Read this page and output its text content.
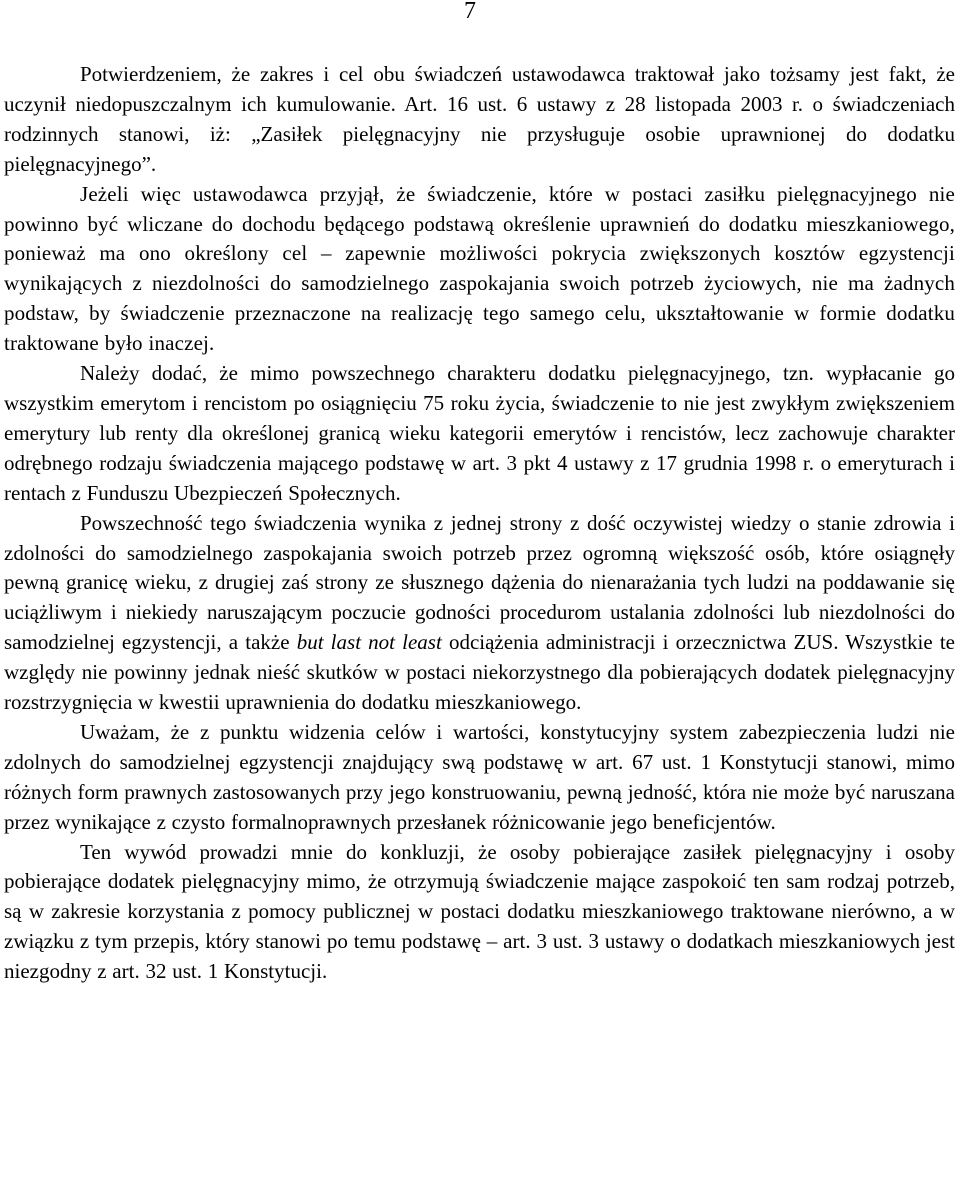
7

Potwierdzeniem, że zakres i cel obu świadczeń ustawodawca traktował jako tożsamy jest fakt, że uczynił niedopuszczalnym ich kumulowanie. Art. 16 ust. 6 ustawy z 28 listopada 2003 r. o świadczeniach rodzinnych stanowi, iż: „Zasiłek pielęgnacyjny nie przysługuje osobie uprawnionej do dodatku pielęgnacyjnego”.

Jeżeli więc ustawodawca przyjął, że świadczenie, które w postaci zasiłku pielęgnacyjnego nie powinno być wliczane do dochodu będącego podstawą określenie uprawnień do dodatku mieszkaniowego, ponieważ ma ono określony cel – zapewnie możliwości pokrycia zwiększonych kosztów egzystencji wynikających z niezdolności do samodzielnego zaspokajania swoich potrzeb życiowych, nie ma żadnych podstaw, by świadczenie przeznaczone na realizację tego samego celu, ukształtowanie w formie dodatku traktowane było inaczej.

Należy dodać, że mimo powszechnego charakteru dodatku pielęgnacyjnego, tzn. wypłacanie go wszystkim emerytom i rencistom po osiągnięciu 75 roku życia, świadczenie to nie jest zwykłym zwiększeniem emerytury lub renty dla określonej granicą wieku kategorii emerytów i rencistów, lecz zachowuje charakter odrębnego rodzaju świadczenia mającego podstawę w art. 3 pkt 4 ustawy z 17 grudnia 1998 r. o emeryturach i rentach z Funduszu Ubezpieczeń Społecznych.

Powszechność tego świadczenia wynika z jednej strony z dość oczywistej wiedzy o stanie zdrowia i zdolności do samodzielnego zaspokajania swoich potrzeb przez ogromną większość osób, które osiągnęły pewną granicę wieku, z drugiej zaś strony ze słusznego dążenia do nienarażania tych ludzi na poddawanie się uciążliwym i niekiedy naruszającym poczucie godności procedurom ustalania zdolności lub niezdolności do samodzielnej egzystencji, a także but last not least odciążenia administracji i orzecznictwa ZUS. Wszystkie te względy nie powinny jednak nieść skutków w postaci niekorzystnego dla pobierających dodatek pielęgnacyjny rozstrzygnięcia w kwestii uprawnienia do dodatku mieszkaniowego.

Uważam, że z punktu widzenia celów i wartości, konstytucyjny system zabezpieczenia ludzi nie zdolnych do samodzielnej egzystencji znajdujący swą podstawę w art. 67 ust. 1 Konstytucji stanowi, mimo różnych form prawnych zastosowanych przy jego konstruowaniu, pewną jedność, która nie może być naruszana przez wynikające z czysto formalnoprawnych przesłanek różnicowanie jego beneficjentów.

Ten wywód prowadzi mnie do konkluzji, że osoby pobierające zasiłek pielęgnacyjny i osoby pobierające dodatek pielęgnacyjny mimo, że otrzymują świadczenie mające zaspokoić ten sam rodzaj potrzeb, są w zakresie korzystania z pomocy publicznej w postaci dodatku mieszkaniowego traktowane nierówno, a w związku z tym przepis, który stanowi po temu podstawę – art. 3 ust. 3 ustawy o dodatkach mieszkaniowych jest niezgodny z art. 32 ust. 1 Konstytucji.
